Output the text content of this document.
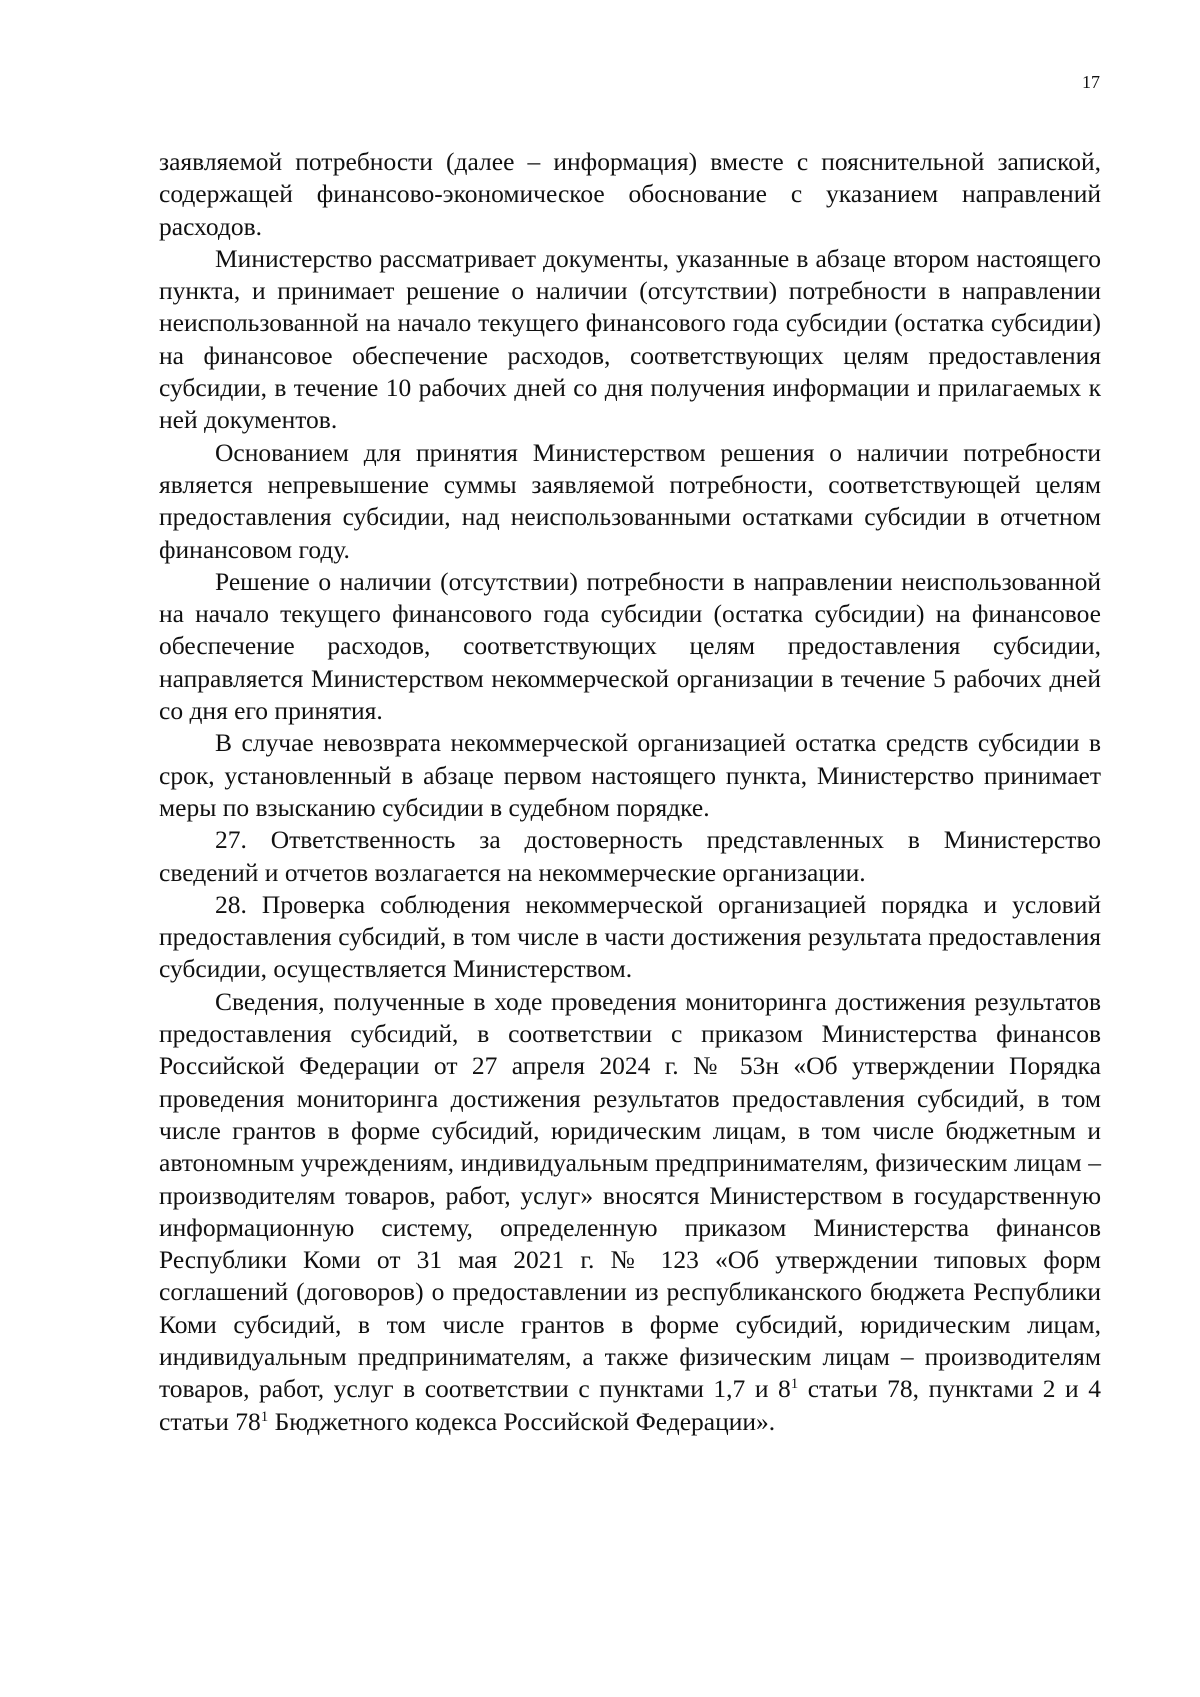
17

заявляемой потребности (далее – информация) вместе с пояснительной запиской, содержащей финансово-экономическое обоснование с указанием направлений расходов.

Министерство рассматривает документы, указанные в абзаце втором настоящего пункта, и принимает решение о наличии (отсутствии) потребности в направлении неиспользованной на начало текущего финансового года субсидии (остатка субсидии) на финансовое обеспечение расходов, соответствующих целям предоставления субсидии, в течение 10 рабочих дней со дня получения информации и прилагаемых к ней документов.

Основанием для принятия Министерством решения о наличии потребности является непревышение суммы заявляемой потребности, соответствующей целям предоставления субсидии, над неиспользованными остатками субсидии в отчетном финансовом году.

Решение о наличии (отсутствии) потребности в направлении неиспользованной на начало текущего финансового года субсидии (остатка субсидии) на финансовое обеспечение расходов, соответствующих целям предоставления субсидии, направляется Министерством некоммерческой организации в течение 5 рабочих дней со дня его принятия.

В случае невозврата некоммерческой организацией остатка средств субсидии в срок, установленный в абзаце первом настоящего пункта, Министерство принимает меры по взысканию субсидии в судебном порядке.

27. Ответственность за достоверность представленных в Министерство сведений и отчетов возлагается на некоммерческие организации.

28. Проверка соблюдения некоммерческой организацией порядка и условий предоставления субсидий, в том числе в части достижения результата предоставления субсидии, осуществляется Министерством.

Сведения, полученные в ходе проведения мониторинга достижения результатов предоставления субсидий, в соответствии с приказом Министерства финансов Российской Федерации от 27 апреля 2024 г. № 53н «Об утверждении Порядка проведения мониторинга достижения результатов предоставления субсидий, в том числе грантов в форме субсидий, юридическим лицам, в том числе бюджетным и автономным учреждениям, индивидуальным предпринимателям, физическим лицам – производителям товаров, работ, услуг» вносятся Министерством в государственную информационную систему, определенную приказом Министерства финансов Республики Коми от 31 мая 2021 г. № 123 «Об утверждении типовых форм соглашений (договоров) о предоставлении из республиканского бюджета Республики Коми субсидий, в том числе грантов в форме субсидий, юридическим лицам, индивидуальным предпринимателям, а также физическим лицам – производителям товаров, работ, услуг в соответствии с пунктами 1,7 и $8^1$ статьи 78, пунктами 2 и 4 статьи $78^1$ Бюджетного кодекса Российской Федерации».
